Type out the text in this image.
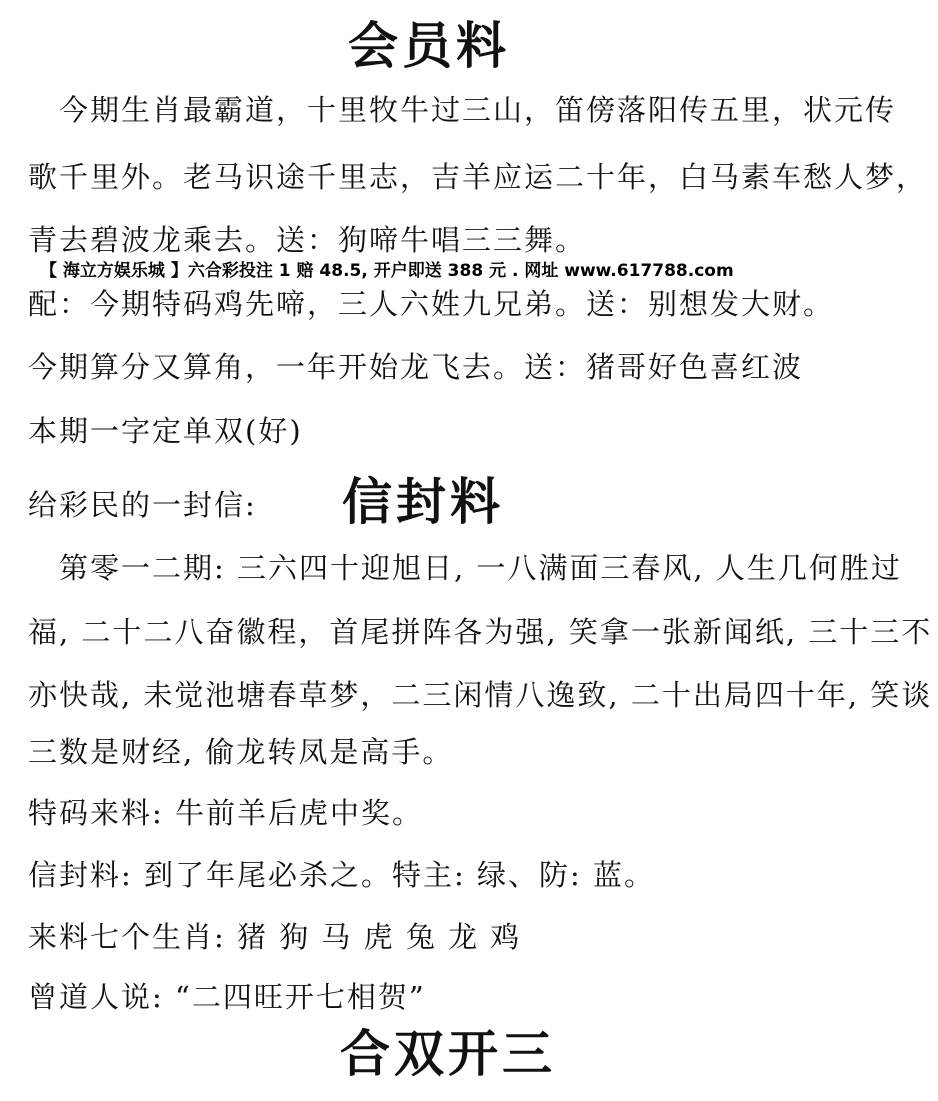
会员料

　今期生肖最霸道，十里牧牛过三山，笛傍落阳传五里，状元传

歌千里外。老马识途千里志，吉羊应运二十年，白马素车愁人梦，

青去碧波龙乘去。送：狗啼牛唱三三舞。

【 海立方娱乐城 】六合彩投注 1 赔 48.5, 开户即送 388 元 . 网址 www.617788.com

配：今期特码鸡先啼，三人六姓九兄弟。送：别想发大财。

今期算分又算角，一年开始龙飞去。送：猪哥好色喜红波

本期一字定单双(好)

给彩民的一封信: 信封料

　第零一二期: 三六四十迎旭日, 一八满面三春风, 人生几何胜过

福, 二十二八奋徽程，首尾拼阵各为强, 笑拿一张新闻纸, 三十三不

亦快哉, 未觉池塘春草梦，二三闲情八逸致, 二十出局四十年, 笑谈

三数是财经, 偷龙转凤是高手。

特码来料: 牛前羊后虎中奖。

信封料: 到了年尾必杀之。特主: 绿、防: 蓝。

来料七个生肖: 猪 狗 马 虎 兔 龙 鸡

曾道人说: “二四旺开七相贺”

合双开三
